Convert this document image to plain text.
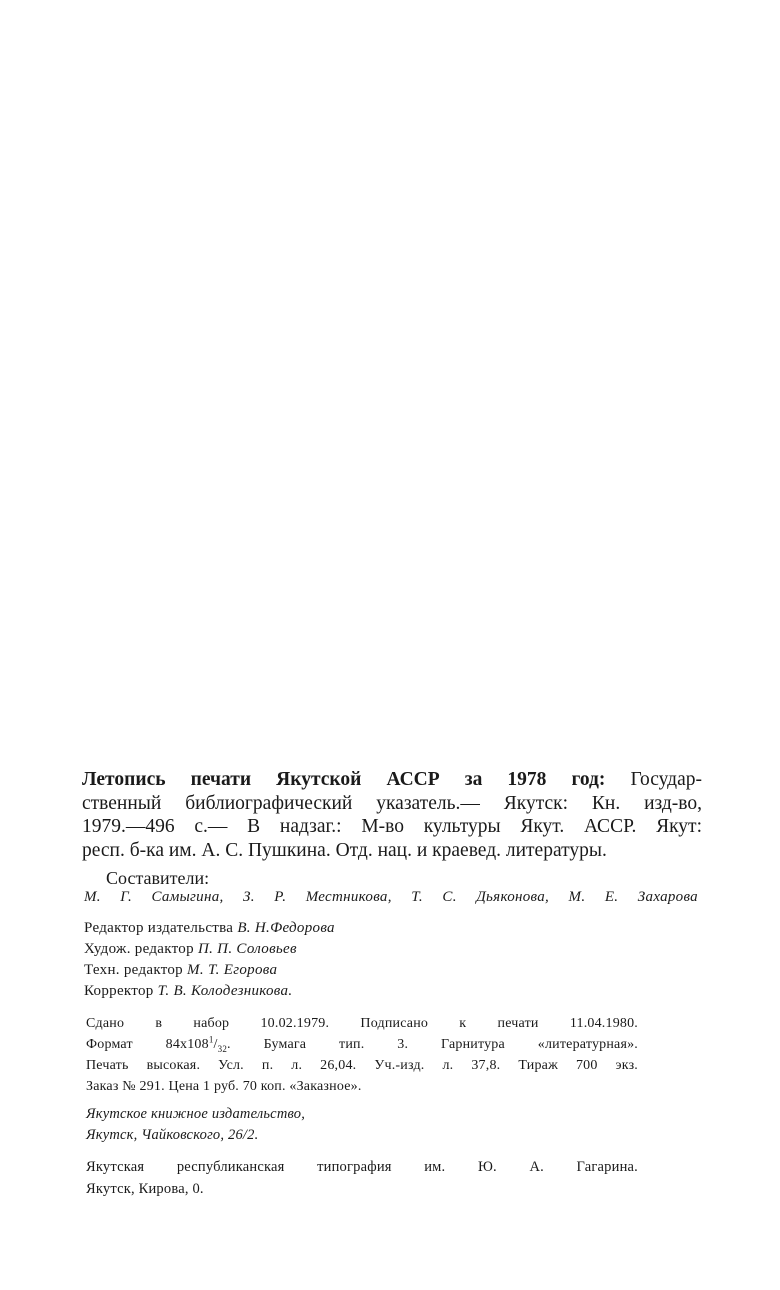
Летопись печати Якутской АССР за 1978 год: Государ-
ственный библиографический указатель.— Якутск: Кн. изд-во,
1979.—496 с.— В надзаг.: М-во культуры Якут. АССР. Якут:
респ. б-ка им. А. С. Пушкина. Отд. нац. и краевед. литературы.
Составители:
М. Г. Самыгина, З. Р. Местникова, Т. С. Дьяконова, М. Е. Захарова
Редактор издательства В. Н.Федорова
Худож. редактор П. П. Соловьев
Техн. редактор М. Т. Егорова
Корректор Т. В. Колодезникова.
Сдано в набор 10.02.1979. Подписано к печати 11.04.1980.
Формат $84x108^1/_{32}$. Бумага тип. 3. Гарнитура «литературная».
Печать высокая. Усл. п. л. 26,04. Уч.-изд. л. 37,8. Тираж 700 экз.
Заказ № 291. Цена 1 руб. 70 коп. «Заказное».
Якутское книжное издательство,
Якутск, Чайковского, 26/2.
Якутская республиканская типография им. Ю. А. Гагарина.
Якутск, Кирова, 0.
